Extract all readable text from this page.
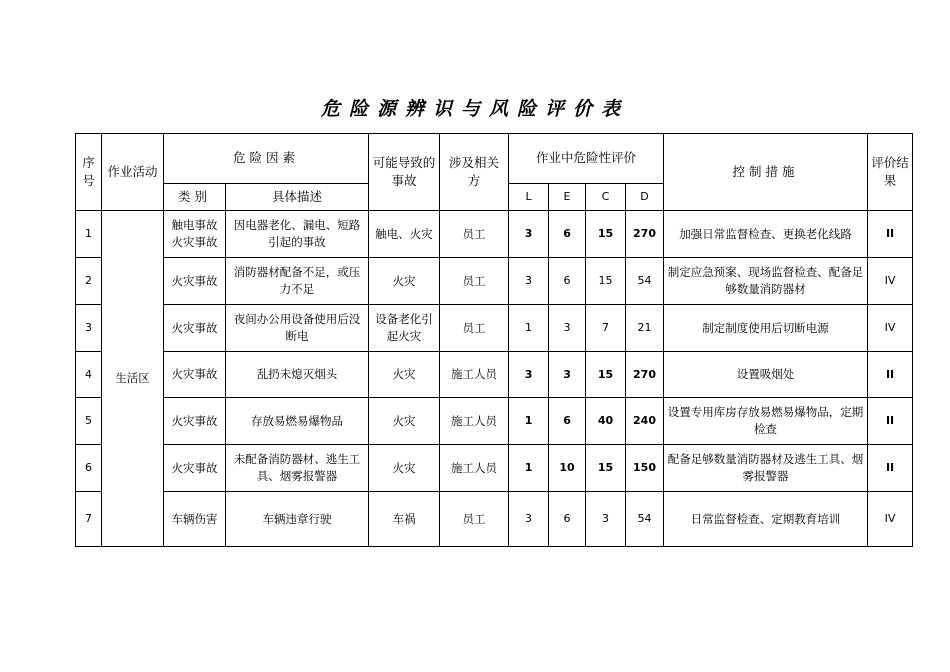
危险源辨识与风险评价表
序号	作业活动	危险因素		可能导致的事故	涉及相关方	作业中危险性评价				控制措施	评价结果
		类别	具体描述			L	E	C	D		
1	生活区	触电事故火灾事故	因电器老化、漏电、短路引起的事故	触电、火灾	员工	3	6	15	270	加强日常监督检查、更换老化线路	II
2		火灾事故	消防器材配备不足，或压力不足	火灾	员工	3	6	15	54	制定应急预案、现场监督检查、配备足够数量消防器材	IV
3		火灾事故	夜间办公用设备使用后没断电	设备老化引起火灾	员工	1	3	7	21	制定制度使用后切断电源	IV
4		火灾事故	乱扔未熄灭烟头	火灾	施工人员	3	3	15	270	设置吸烟处	II
5		火灾事故	存放易燃易爆物品	火灾	施工人员	1	6	40	240	设置专用库房存放易燃易爆物品，定期检查	II
6		火灾事故	未配备消防器材、逃生工具、烟雾报警器	火灾	施工人员	1	10	15	150	配备足够数量消防器材及逃生工具、烟雾报警器	II
7		车辆伤害	车辆违章行驶	车祸	员工	3	6	3	54	日常监督检查、定期教育培训	IV
